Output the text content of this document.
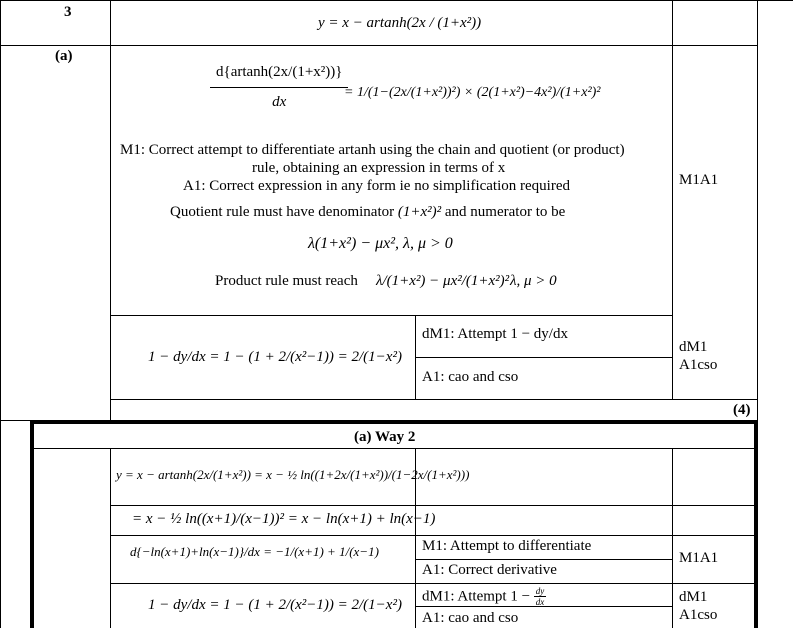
3
y = x − artanh(2x / (1+x²))
(a)
$\frac{\text{d\{artanh(2x/(1+x²))\}}}{dx}$
= 1/(1−(2x/(1+x²))²) × (2(1+x²)−4x²)/(1+x²)²
M1: Correct attempt to differentiate artanh using the chain and quotient (or product)
rule, obtaining an expression in terms of x
A1: Correct expression in any form ie no simplification required
Quotient rule must have denominator (1+x²)² and numerator to be
λ(1+x²) − μx², λ, μ > 0
Product rule must reach λ/(1+x²) − μx²/(1+x²)² λ, μ > 0
M1A1
1 − dy/dx = 1 − (1 + 2/(x²−1)) = 2/(1−x²)
dM1: Attempt 1 − dy/dx
A1: cao and cso
dM1
A1cso
(4)
(a) Way 2
y = x − artanh(2x/(1+x²)) = x − ½ ln((1+2x/(1+x²))/(1−2x/(1+x²)))
= x − ½ ln((x+1)/(x−1))² = x − ln(x+1) + ln(x−1)
d{−ln(x+1)+ln(x−1)}/dx = −1/(x+1) + 1/(x−1)	M1: Attempt to differentiate
A1: Correct derivative
M1A1
1 − dy/dx = 1 − (1 + 2/(x²−1)) = 2/(1−x²)
dM1: Attempt $1 - \frac{dy}{dx}$
A1: cao and cso
dM1
A1cso
